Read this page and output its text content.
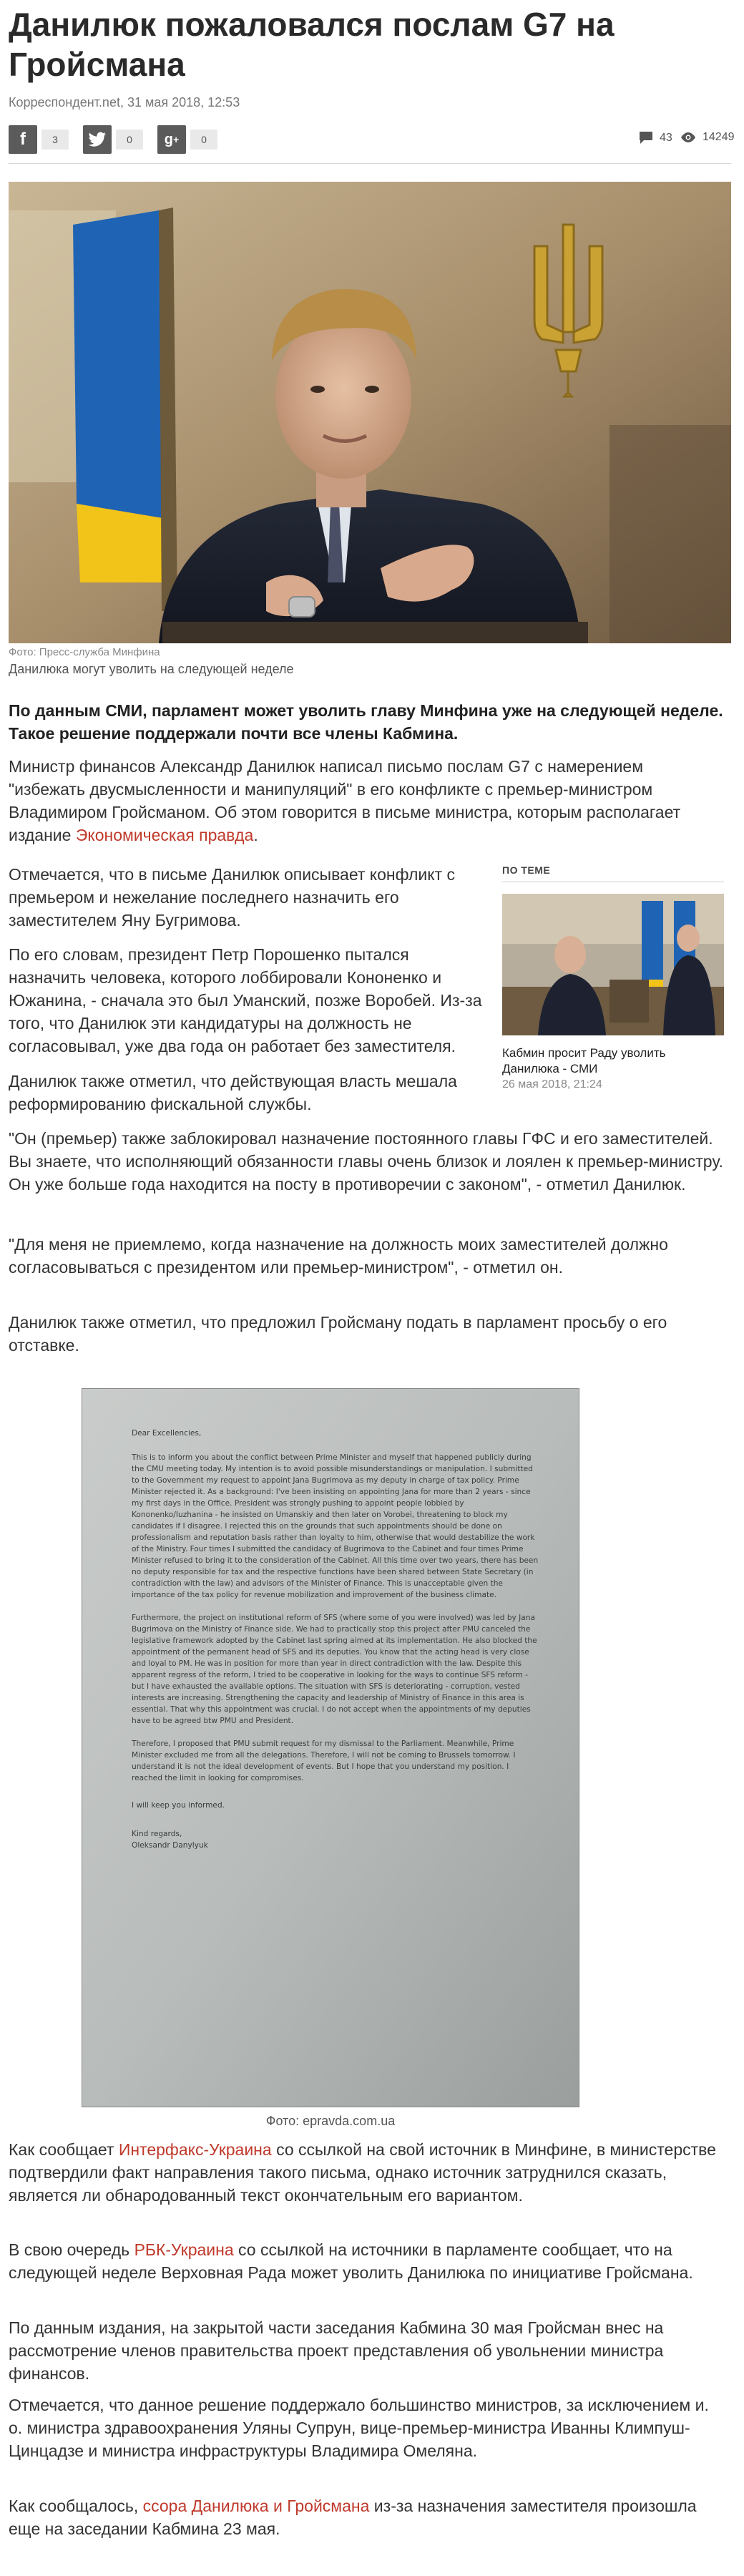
Данилюк пожаловался послам G7 на Гройсмана
Корреспондент.net, 31 мая 2018, 12:53
f	3	0	g +	0	43	14249
Фото: Пресс-служба Минфина
Данилюка могут уволить на следующей неделе

По данным СМИ, парламент может уволить главу Минфина уже на следующей неделе. Такое решение поддержали почти все члены Кабмина.

Министр финансов Александр Данилюк написал письмо послам G7 с намерением "избежать двусмысленности и манипуляций" в его конфликте с премьер-министром Владимиром Гройсманом. Об этом говорится в письме министра, которым располагает издание Экономическая правда.

Отмечается, что в письме Данилюк описывает конфликт с премьером и нежелание последнего назначить его заместителем Яну Бугримова.

По его словам, президент Петр Порошенко пытался назначить человека, которого лоббировали Кононенко и Южанина, - сначала это был Уманский, позже Воробей. Из-за того, что Данилюк эти кандидатуры на должность не согласовывал, уже два года он работает без заместителя.

Данилюк также отметил, что действующая власть мешала реформированию фискальной службы.

ПО ТЕМЕ
Кабмин просит Раду уволить Данилюка - СМИ
26 мая 2018, 21:24

"Он (премьер) также заблокировал назначение постоянного главы ГФС и его заместителей. Вы знаете, что исполняющий обязанности главы очень близок и лоялен к премьер-министру. Он уже больше года находится на посту в противоречии с законом", - отметил Данилюк.

"Для меня не приемлемо, когда назначение на должность моих заместителей должно согласовываться с президентом или премьер-министром", - отметил он.

Данилюк также отметил, что предложил Гройсману подать в парламент просьбу о его отставке.

Dear Excellencies,
This is to inform you about the conflict between Prime Minister and myself that happened publicly during the CMU meeting today. My intention is to avoid possible misunderstandings or manipulation. I submitted to the Government my request to appoint Jana Bugrimova as my deputy in charge of tax policy. Prime Minister rejected it. As a background: I've been insisting on appointing Jana for more than 2 years - since my first days in the Office. President was strongly pushing to appoint people lobbied by Kononenko/Iuzhanina - he insisted on Umanskiy and then later on Vorobei, threatening to block my candidates if I disagree. I rejected this on the grounds that such appointments should be done on professionalism and reputation basis rather than loyalty to him, otherwise that would destabilize the work of the Ministry. Four times I submitted the candidacy of Bugrimova to the Cabinet and four times Prime Minister refused to bring it to the consideration of the Cabinet. All this time over two years, there has been no deputy responsible for tax and the respective functions have been shared between State Secretary (in contradiction with the law) and advisors of the Minister of Finance. This is unacceptable given the importance of the tax policy for revenue mobilization and improvement of the business climate.
Furthermore, the project on institutional reform of SFS (where some of you were involved) was led by Jana Bugrimova on the Ministry of Finance side. We had to practically stop this project after PMU canceled the legislative framework adopted by the Cabinet last spring aimed at its implementation. He also blocked the appointment of the permanent head of SFS and its deputies. You know that the acting head is very close and loyal to PM. He was in position for more than year in direct contradiction with the law. Despite this apparent regress of the reform, I tried to be cooperative in looking for the ways to continue SFS reform - but I have exhausted the available options. The situation with SFS is deteriorating - corruption, vested interests are increasing. Strengthening the capacity and leadership of Ministry of Finance in this area is essential. That why this appointment was crucial. I do not accept when the appointments of my deputies have to be agreed btw PMU and President.
Therefore, I proposed that PMU submit request for my dismissal to the Parliament. Meanwhile, Prime Minister excluded me from all the delegations. Therefore, I will not be coming to Brussels tomorrow. I understand it is not the ideal development of events. But I hope that you understand my position. I reached the limit in looking for compromises.
I will keep you informed.
Kind regards,
Oleksandr Danylyuk
Фото: epravda.com.ua

Как сообщает Интерфакс-Украина со ссылкой на свой источник в Минфине, в министерстве подтвердили факт направления такого письма, однако источник затруднился сказать, является ли обнародованный текст окончательным его вариантом.

В свою очередь РБК-Украина со ссылкой на источники в парламенте сообщает, что на следующей неделе Верховная Рада может уволить Данилюка по инициативе Гройсмана.

По данным издания, на закрытой части заседания Кабмина 30 мая Гройсман внес на рассмотрение членов правительства проект представления об увольнении министра финансов.

Отмечается, что данное решение поддержало большинство министров, за исключением и. о. министра здравоохранения Уляны Супрун, вице-премьер-министра Иванны Климпуш-Цинцадзе и министра инфраструктуры Владимира Омеляна.

Как сообщалось, ссора Данилюка и Гройсмана из-за назначения заместителя произошла еще на заседании Кабмина 23 мая.
